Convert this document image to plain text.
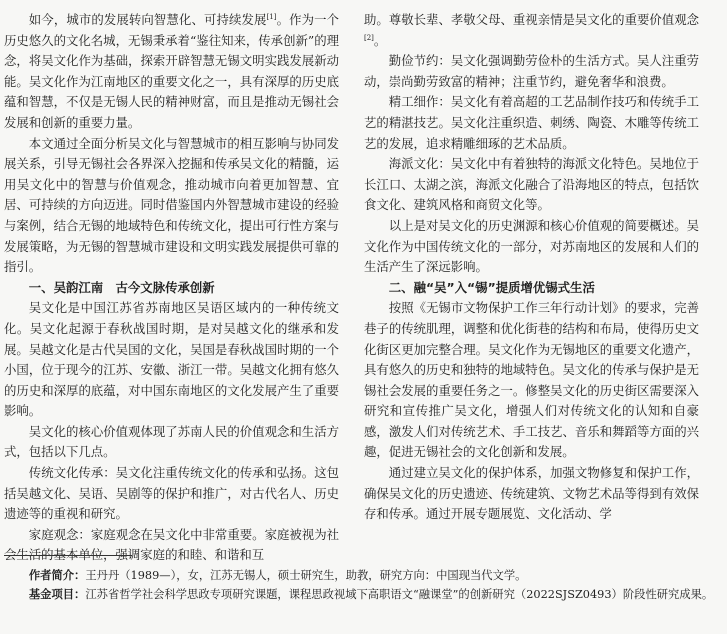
如今，城市的发展转向智慧化、可持续发展[1]。作为一个历史悠久的文化名城，无锡秉承着“鉴往知来，传承创新”的理念，将吴文化作为基础，探索开辟智慧无锡文明实践发展新动能。吴文化作为江南地区的重要文化之一，具有深厚的历史底蕴和智慧，不仅是无锡人民的精神财富，而且是推动无锡社会发展和创新的重要力量。

本文通过全面分析吴文化与智慧城市的相互影响与协同发展关系，引导无锡社会各界深入挖掘和传承吴文化的精髓，运用吴文化中的智慧与价值观念，推动城市向着更加智慧、宜居、可持续的方向迈进。同时借鉴国内外智慧城市建设的经验与案例，结合无锡的地域特色和传统文化，提出可行性方案与发展策略，为无锡的智慧城市建设和文明实践发展提供可靠的指引。

一、吴韵江南　古今文脉传承创新

吴文化是中国江苏省苏南地区吴语区域内的一种传统文化。吴文化起源于春秋战国时期，是对吴越文化的继承和发展。吴越文化是古代吴国的文化，吴国是春秋战国时期的一个小国，位于现今的江苏、安徽、浙江一带。吴越文化拥有悠久的历史和深厚的底蕴，对中国东南地区的文化发展产生了重要影响。

吴文化的核心价值观体现了苏南人民的价值观念和生活方式，包括以下几点。

传统文化传承：吴文化注重传统文化的传承和弘扬。这包括吴越文化、吴语、吴剧等的保护和推广，对古代名人、历史遗迹等的重视和研究。

家庭观念：家庭观念在吴文化中非常重要。家庭被视为社会生活的基本单位，强调家庭的和睦、和谐和互

助。尊敬长辈、孝敬父母、重视亲情是吴文化的重要价值观念[2]。

勤俭节约：吴文化强调勤劳俭朴的生活方式。吴人注重劳动，崇尚勤劳致富的精神；注重节约，避免奢华和浪费。

精工细作：吴文化有着高超的工艺品制作技巧和传统手工艺的精湛技艺。吴文化注重织造、刺绣、陶瓷、木雕等传统工艺的发展，追求精雕细琢的艺术品质。

海派文化：吴文化中有着独特的海派文化特色。吴地位于长江口、太湖之滨，海派文化融合了沿海地区的特点，包括饮食文化、建筑风格和商贸文化等。

以上是对吴文化的历史渊源和核心价值观的简要概述。吴文化作为中国传统文化的一部分，对苏南地区的发展和人们的生活产生了深远影响。

二、融“吴”入“锡”提质增优锡式生活

按照《无锡市文物保护工作三年行动计划》的要求，完善巷子的传统肌理，调整和优化街巷的结构和布局，使得历史文化街区更加完整合理。吴文化作为无锡地区的重要文化遗产，具有悠久的历史和独特的地域特色。吴文化的传承与保护是无锡社会发展的重要任务之一。修整吴文化的历史街区需要深入研究和宣传推广吴文化，增强人们对传统文化的认知和自豪感，激发人们对传统艺术、手工技艺、音乐和舞蹈等方面的兴趣，促进无锡社会的文化创新和发展。

通过建立吴文化的保护体系，加强文物修复和保护工作，确保吴文化的历史遗迹、传统建筑、文物艺术品等得到有效保存和传承。通过开展专题展览、文化活动、学

作者简介：王丹丹（1989—），女，江苏无锡人，硕士研究生，助教，研究方向：中国现当代文学。

基金项目：江苏省哲学社会科学思政专项研究课题，课程思政视域下高职语文“融课堂”的创新研究（2022SJSZ0493）阶段性研究成果。
